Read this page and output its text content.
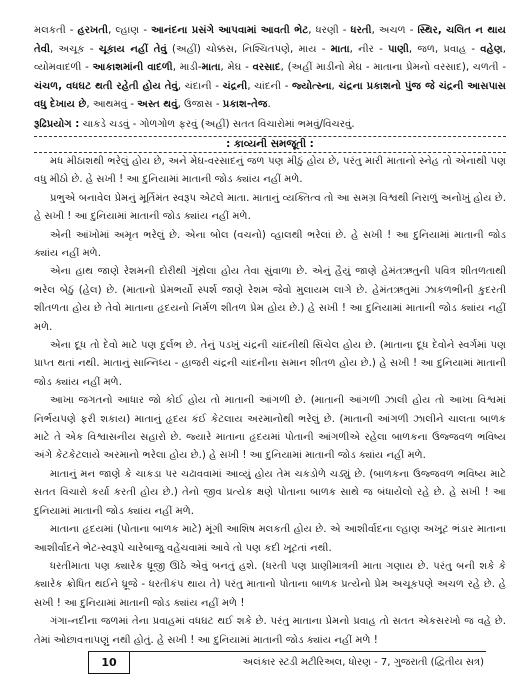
મલકતી - હરખતી, લ્હાણ - આનંદના પ્રસંગે આપવામાં આવતી ભેટ, ધરણી - ધરતી, અચળ - સ્થિર, ચલિત ન થાય તેવી, અચૂક - ચૂકાય નહીં તેવું (અહીં) ચોક્કસ, નિશ્ચિતપણે, માય - માતા, નીર - પાણી, જળ, પ્રવાહ - વહેણ, વ્યોમવાદળી - આકાશમાંની વાદળી, માડી-માતા, મેઘ - વરસાદ, (અહીં માડીનો મેઘ - માતાના પ્રેમનો વરસાદ), ચળતી - ચંચળ, વધઘટ થતી રહેતી હોય તેવું, ચંદાની - ચંદ્રની, ચાંદની - જ્યોત્સ્ના, ચંદ્રના પ્રકાશનો પુંજ જે ચંદ્રની આસપાસ વધુ દેખાય છે, આથમવું - અસ્ત થવું, ઉજાસ - પ્રકાશ-તેજ.
રૂઢિપ્રયોગ : ચાકડે ચડવું - ગોળગોળ ફરવું (અહીં) સતત વિચારોમાં ભમવું/વિચરવું.
: કાવ્યની સમજૂતી :

મધ મીઠાશથી ભરેલું હોય છે, અને મેઘ-વરસાદનું જળ પણ મીઠું હોય છે, પરંતુ મારી માતાનો સ્નેહ તો એનાથી પણ વધુ મીઠો છે. હે સખી ! આ દુનિયામાં માતાની જોડ ક્યાંય નહીં મળે.

પ્રભુએ બનાવેલ પ્રેમનું મૂર્તિમંત સ્વરૂપ એટલે માતા. માતાનું વ્યક્તિત્વ તો આ સમગ્ર વિશ્વથી નિરાળું અનોખું હોય છે. હે સખી ! આ દુનિયામાં માતાની જોડ ક્યાંય નહીં મળે.

એની આંખોમાં અમૃત ભરેલું છે. એના બોલ (વચનો) વ્હાલથી ભરેલાં છે. હે સખી ! આ દુનિયામાં માતાની જોડ ક્યાંય નહીં મળે.

એના હાથ જાણે રેશમની દોરીથી ગૂંથેલા હોય તેવા સુંવાળા છે. એનું હૈયું જાણે હેમંતઋતુની પવિત્ર શીતળતાથી ભરેલ બેઠું (હેલ) છે. (માતાનો પ્રેમભર્યો સ્પર્શ જાણે રેશમ જેવો મુલાયમ લાગે છે. હેમંતઋતુમાં ઝાકળભીની કુદરતી શીતળતા હોય છે તેવો માતાના હૃદયનો નિર્મળ શીતળ પ્રેમ હોય છે.) હે સખી ! આ દુનિયામાં માતાની જોડ ક્યાંય નહીં મળે.

એના દૂધ તો દેવો માટે પણ દુર્લભ છે. તેનું પડખું ચંદ્રની ચાંદનીથી સિંચેલ હોય છે. (માતાના દૂધ દેવોને સ્વર્ગમાં પણ પ્રાપ્ત થતાં નથી. માતાનું સાન્નિધ્ય - હાજરી ચંદ્રની ચાંદનીના સમાન શીતળ હોય છે.) હે સખી ! આ દુનિયામાં માતાની જોડ ક્યાંય નહીં મળે.

આખા જગતનો આધાર જો કોઈ હોય તો માતાની આંગળી છે. (માતાની આંગળી ઝાલી હોય તો આખા વિશ્વમાં નિર્ભયપણે ફરી શકાય) માતાનું હૃદય કંઈ કેટલાય અરમાનોથી ભરેલું છે. (માતાની આંગળી ઝાલીને ચાલતા બાળક માટે તે એક વિશ્વાસનીય સહારો છે. જ્યારે માતાના હૃદયમાં પોતાની આંગળીએ રહેલા બાળકના ઉજ્જવળ ભવિષ્ય અંગે કેટકેટલાયે અરમાનો ભરેલા હોય છે.) હે સખી ! આ દુનિયામાં માતાની જોડ ક્યાંય નહીં મળે.

માતાનું મન જાણે કે ચાકડા પર ચઢાવવામાં આવ્યું હોય તેમ ચકડોળે ચડ્યું છે. (બાળકના ઉજ્જવળ ભવિષ્ય માટે સતત વિચારો કર્યા કરતી હોય છે.) તેનો જીવ પ્રત્યેક ક્ષણે પોતાના બાળક સાથે જ બંધાયેલો રહે છે. હે સખી ! આ દુનિયામાં માતાની જોડ ક્યાંય નહીં મળે.

માતાના હૃદયમાં (પોતાના બાળક માટે) મૂંગી આશિષ મલકતી હોય છે. એ આશીર્વાદના લ્હાણ અખૂટ ભંડાર માતાના આશીર્વાદને ભેટ-સ્વરૂપે ચારેબાજુ વહેંચવામાં આવે તો પણ કદી ખૂટતાં નથી.

ધરતીમાતા પણ ક્યારેક ધ્રૂજી ઊઠે એવું બનતું હશે. (ધરતી પણ પ્રાણીમાત્રની માતા ગણાય છે. પરંતુ બની શકે કે ક્યારેક ક્રોધિત થઈને ધ્રૂજે - ધરતીકંપ થાય તે) પરંતુ માતાનો પોતાના બાળક પ્રત્યેનો પ્રેમ અચૂકપણે અચળ રહે છે. હે સખી ! આ દુનિયામાં માતાની જોડ ક્યાંય નહીં મળે !

ગંગા-નદીના જળમાં તેના પ્રવાહમાં વધઘટ થઈ શકે છે. પરંતુ માતાના પ્રેમનો પ્રવાહ તો સતત એકસરખો જ વહે છે. તેમાં ઓછાવત્તાપણું નથી હોતું. હે સખી ! આ દુનિયામાં માતાની જોડ ક્યાંય નહીં મળે !

10	અલંકાર સ્ટડી મટીરિઅલ, ધોરણ - 7, ગુજરાતી (દ્વિતીય સત્ર)
